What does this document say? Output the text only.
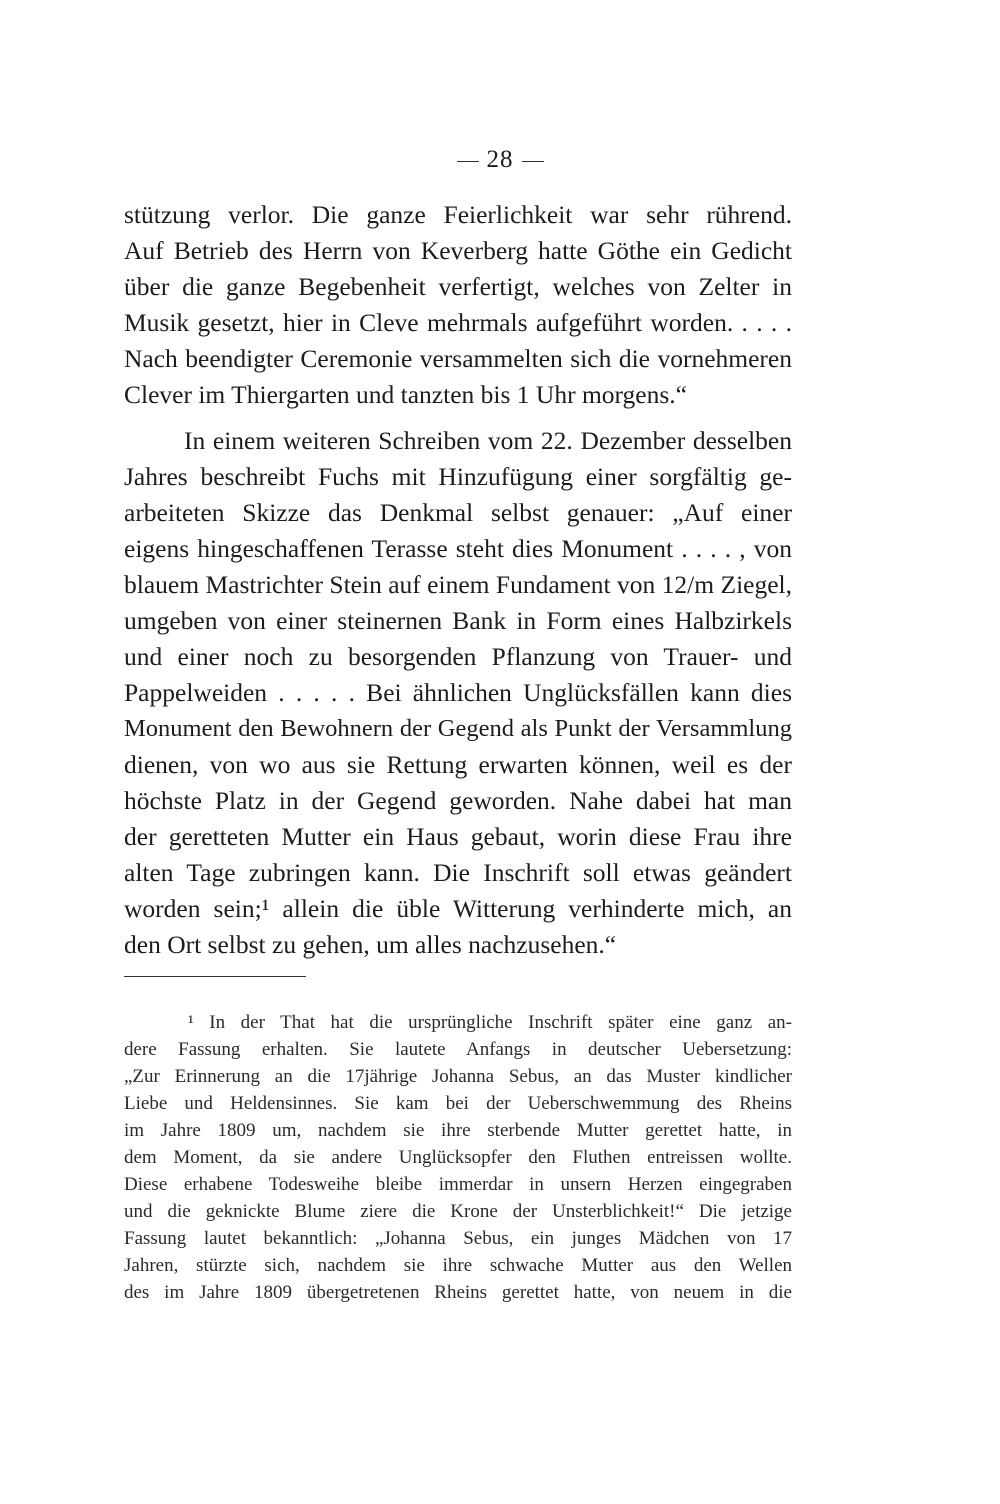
28
stützung verlor. Die ganze Feierlichkeit war sehr rührend.
Auf Betrieb des Herrn von Keverberg hatte Göthe ein Gedicht
über die ganze Begebenheit verfertigt, welches von Zelter in
Musik gesetzt, hier in Cleve mehrmals aufgeführt worden. . . . .
Nach beendigter Ceremonie versammelten sich die vornehmeren
Clever im Thiergarten und tanzten bis 1 Uhr morgens.“
In einem weiteren Schreiben vom 22. Dezember desselben
Jahres beschreibt Fuchs mit Hinzufügung einer sorgfältig ge-
arbeiteten Skizze das Denkmal selbst genauer: „Auf einer
eigens hingeschaffenen Terasse steht dies Monument . . . . , von
blauem Mastrichter Stein auf einem Fundament von 12/m Ziegel,
umgeben von einer steinernen Bank in Form eines Halbzirkels
und einer noch zu besorgenden Pflanzung von Trauer- und
Pappelweiden . . . . . Bei ähnlichen Unglücksfällen kann dies
Monument den Bewohnern der Gegend als Punkt der Versammlung
dienen, von wo aus sie Rettung erwarten können, weil es der
höchste Platz in der Gegend geworden. Nahe dabei hat man
der geretteten Mutter ein Haus gebaut, worin diese Frau ihre
alten Tage zubringen kann. Die Inschrift soll etwas geändert
worden sein;¹ allein die üble Witterung verhinderte mich, an
den Ort selbst zu gehen, um alles nachzusehen.“
¹ In der That hat die ursprüngliche Inschrift später eine ganz an-
dere Fassung erhalten. Sie lautete Anfangs in deutscher Uebersetzung:
„Zur Erinnerung an die 17jährige Johanna Sebus, an das Muster kindlicher
Liebe und Heldensinnes. Sie kam bei der Ueberschwemmung des Rheins
im Jahre 1809 um, nachdem sie ihre sterbende Mutter gerettet hatte, in
dem Moment, da sie andere Unglücksopfer den Fluthen entreissen wollte.
Diese erhabene Todesweihe bleibe immerdar in unsern Herzen eingegraben
und die geknickte Blume ziere die Krone der Unsterblichkeit!“ Die jetzige
Fassung lautet bekanntlich: „Johanna Sebus, ein junges Mädchen von 17
Jahren, stürzte sich, nachdem sie ihre schwache Mutter aus den Wellen
des im Jahre 1809 übergetretenen Rheins gerettet hatte, von neuem in die
